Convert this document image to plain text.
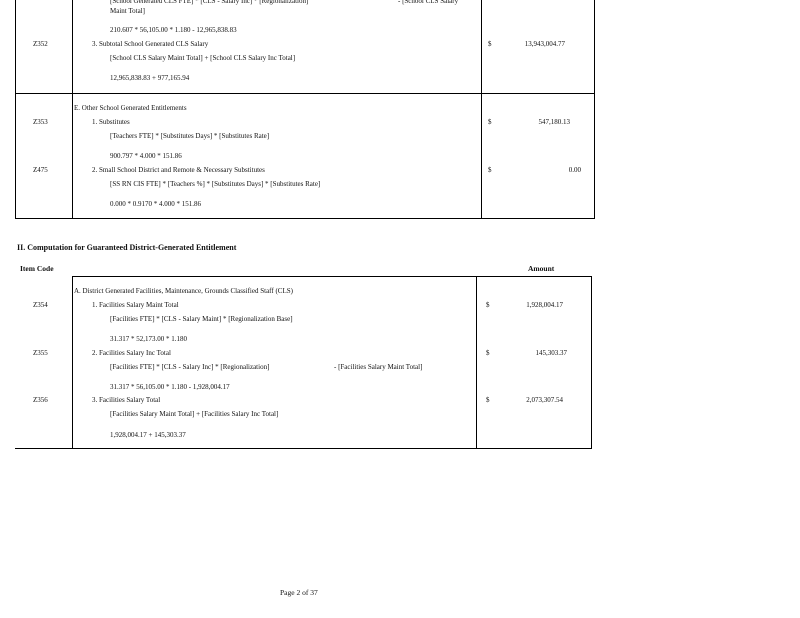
[School Generated CLS FTE] * [CLS - Salary Inc] * [Regionalization]	- [School CLS Salary
Maint Total]
210.607 * 56,105.00 * 1.180 - 12,965,838.83
Z352	3. Subtotal School Generated CLS Salary
[School CLS Salary Maint Total] + [School CLS Salary Inc Total]
12,965,838.83 + 977,165.94
$	13,943,004.77
E. Other School Generated Entitlements
Z353	1. Substitutes
[Teachers FTE] * [Substitutes Days] * [Substitutes Rate]
900.797 * 4.000 * 151.86
$	547,180.13
Z475	2. Small School District and Remote & Necessary Substitutes
[SS RN CIS FTE] * [Teachers %] * [Substitutes Days] * [Substitutes Rate]
0.000 * 0.9170 * 4.000 * 151.86
$	0.00
II. Computation for Guaranteed District-Generated Entitlement
Item Code	Amount
A. District Generated Facilities, Maintenance, Grounds Classified Staff (CLS)
Z354	1. Facilities Salary Maint Total
[Facilities FTE] * [CLS - Salary Maint] * [Regionalization Base]
31.317 * 52,173.00 * 1.180
$	1,928,004.17
Z355	2. Facilities Salary Inc Total
[Facilities FTE] * [CLS - Salary Inc] * [Regionalization]	- [Facilities Salary Maint Total]
31.317 * 56,105.00 * 1.180 - 1,928,004.17
$	145,303.37
Z356	3. Facilities Salary Total
[Facilities Salary Maint Total] + [Facilities Salary Inc Total]
1,928,004.17 + 145,303.37
$	2,073,307.54
Page 2 of 37
